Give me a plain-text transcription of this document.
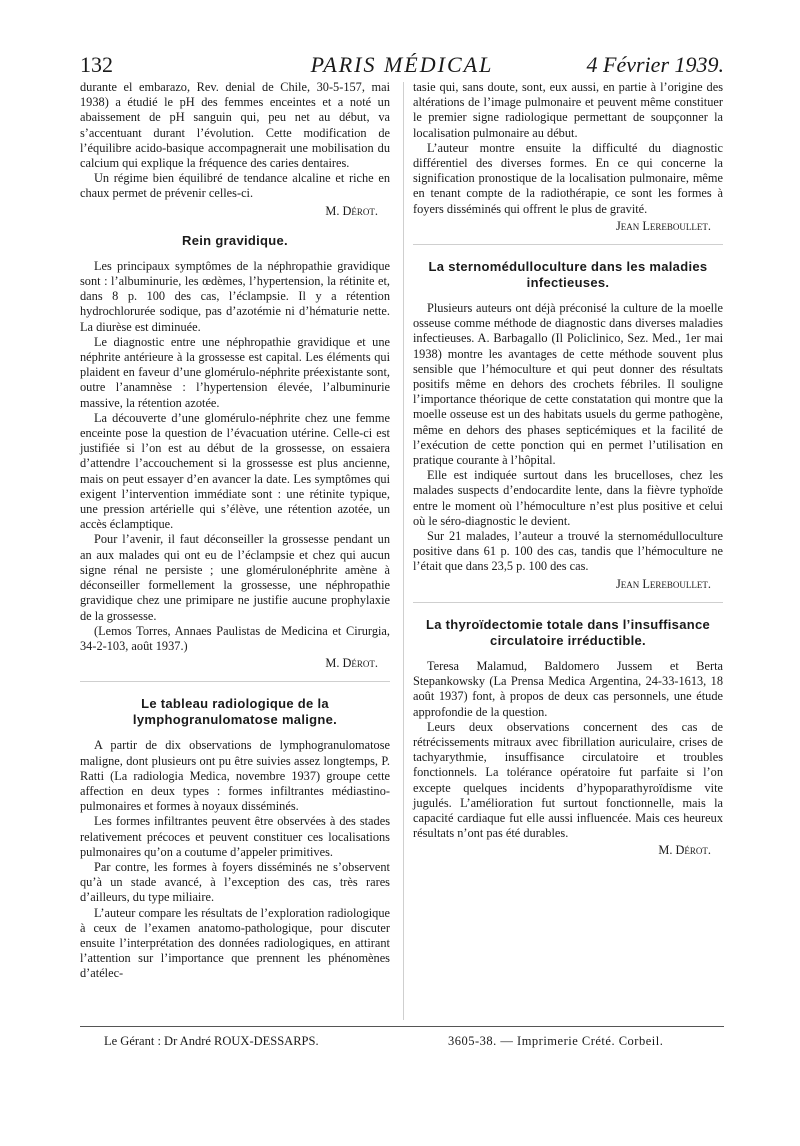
132	PARIS MÉDICAL	4 Février 1939.

durante el embarazo, Rev. denial de Chile, 30-5-157, mai 1938) a étudié le pH des femmes enceintes et a noté un abaissement de pH sanguin qui, peu net au début, va s’accentuant durant l’évolution. Cette modification de l’équilibre acido-basique accompagnerait une mobilisation du calcium qui explique la fréquence des caries dentaires.

Un régime bien équilibré de tendance alcaline et riche en chaux permet de prévenir celles-ci.

M. Dérot.

Rein gravidique.

Les principaux symptômes de la néphropathie gravidique sont : l’albuminurie, les œdèmes, l’hypertension, la rétinite et, dans 8 p. 100 des cas, l’éclampsie. Il y a rétention hydrochlorurée sodique, pas d’azotémie ni d’hématurie nette. La diurèse est diminuée.

Le diagnostic entre une néphropathie gravidique et une néphrite antérieure à la grossesse est capital. Les éléments qui plaident en faveur d’une glomérulo-néphrite préexistante sont, outre l’anamnèse : l’hypertension élevée, l’albuminurie massive, la rétention azotée.

La découverte d’une glomérulo-néphrite chez une femme enceinte pose la question de l’évacuation utérine. Celle-ci est justifiée si l’on est au début de la grossesse, on essaiera d’attendre l’accouchement si la grossesse est plus ancienne, mais on peut essayer d’en avancer la date. Les symptômes qui exigent l’intervention immédiate sont : une rétinite typique, une pression artérielle qui s’élève, une rétention azotée, un accès éclamptique.

Pour l’avenir, il faut déconseiller la grossesse pendant un an aux malades qui ont eu de l’éclampsie et chez qui aucun signe rénal ne persiste ; une glomérulonéphrite amène à déconseiller formellement la grossesse, une néphropathie gravidique chez une primipare ne justifie aucune prophylaxie de la grossesse.

(Lemos Torres, Annaes Paulistas de Medicina et Cirurgia, 34-2-103, août 1937.)

M. Dérot.

Le tableau radiologique de la lymphogranulomatose maligne.

A partir de dix observations de lymphogranulomatose maligne, dont plusieurs ont pu être suivies assez longtemps, P. Ratti (La radiologia Medica, novembre 1937) groupe cette affection en deux types : formes infiltrantes médiastino-pulmonaires et formes à noyaux disséminés.

Les formes infiltrantes peuvent être observées à des stades relativement précoces et peuvent constituer ces localisations pulmonaires qu’on a coutume d’appeler primitives.

Par contre, les formes à foyers disséminés ne s’observent qu’à un stade avancé, à l’exception des cas, très rares d’ailleurs, du type miliaire.

L’auteur compare les résultats de l’exploration radiologique à ceux de l’examen anatomo-pathologique, pour discuter ensuite l’interprétation des données radiologiques, en attirant l’attention sur l’importance que prennent les phénomènes d’atélec-

tasie qui, sans doute, sont, eux aussi, en partie à l’origine des altérations de l’image pulmonaire et peuvent même constituer le premier signe radiologique permettant de soupçonner la localisation pulmonaire au début.

L’auteur montre ensuite la difficulté du diagnostic différentiel des diverses formes. En ce qui concerne la signification pronostique de la localisation pulmonaire, même en tenant compte de la radiothérapie, ce sont les formes à foyers disséminés qui offrent le plus de gravité.

Jean Lereboullet.

La sternomédulloculture dans les maladies infectieuses.

Plusieurs auteurs ont déjà préconisé la culture de la moelle osseuse comme méthode de diagnostic dans diverses maladies infectieuses. A. Barbagallo (Il Policlinico, Sez. Med., 1er mai 1938) montre les avantages de cette méthode souvent plus sensible que l’hémoculture et qui peut donner des résultats positifs même en dehors des crochets fébriles. Il souligne l’importance théorique de cette constatation qui montre que la moelle osseuse est un des habitats usuels du germe pathogène, même en dehors des phases septicémiques et la facilité de l’exécution de cette ponction qui en permet l’utilisation en pratique courante à l’hôpital.

Elle est indiquée surtout dans les brucelloses, chez les malades suspects d’endocardite lente, dans la fièvre typhoïde entre le moment où l’hémoculture n’est plus positive et celui où le séro-diagnostic le devient.

Sur 21 malades, l’auteur a trouvé la sternomédulloculture positive dans 61 p. 100 des cas, tandis que l’hémoculture ne l’était que dans 23,5 p. 100 des cas.

Jean Lereboullet.

La thyroïdectomie totale dans l’insuffisance circulatoire irréductible.

Teresa Malamud, Baldomero Jussem et Berta Stepankowsky (La Prensa Medica Argentina, 24-33-1613, 18 août 1937) font, à propos de deux cas personnels, une étude approfondie de la question.

Leurs deux observations concernent des cas de rétrécissements mitraux avec fibrillation auriculaire, crises de tachyarythmie, insuffisance circulatoire et troubles fonctionnels. La tolérance opératoire fut parfaite si l’on excepte quelques incidents d’hypoparathyroïdisme vite jugulés. L’amélioration fut surtout fonctionnelle, mais la capacité cardiaque fut elle aussi influencée. Mais ces heureux résultats n’ont pas été durables.

M. Dérot.

Le Gérant : Dr André ROUX-DESSARPS.	3605-38. — Imprimerie Crété. Corbeil.
